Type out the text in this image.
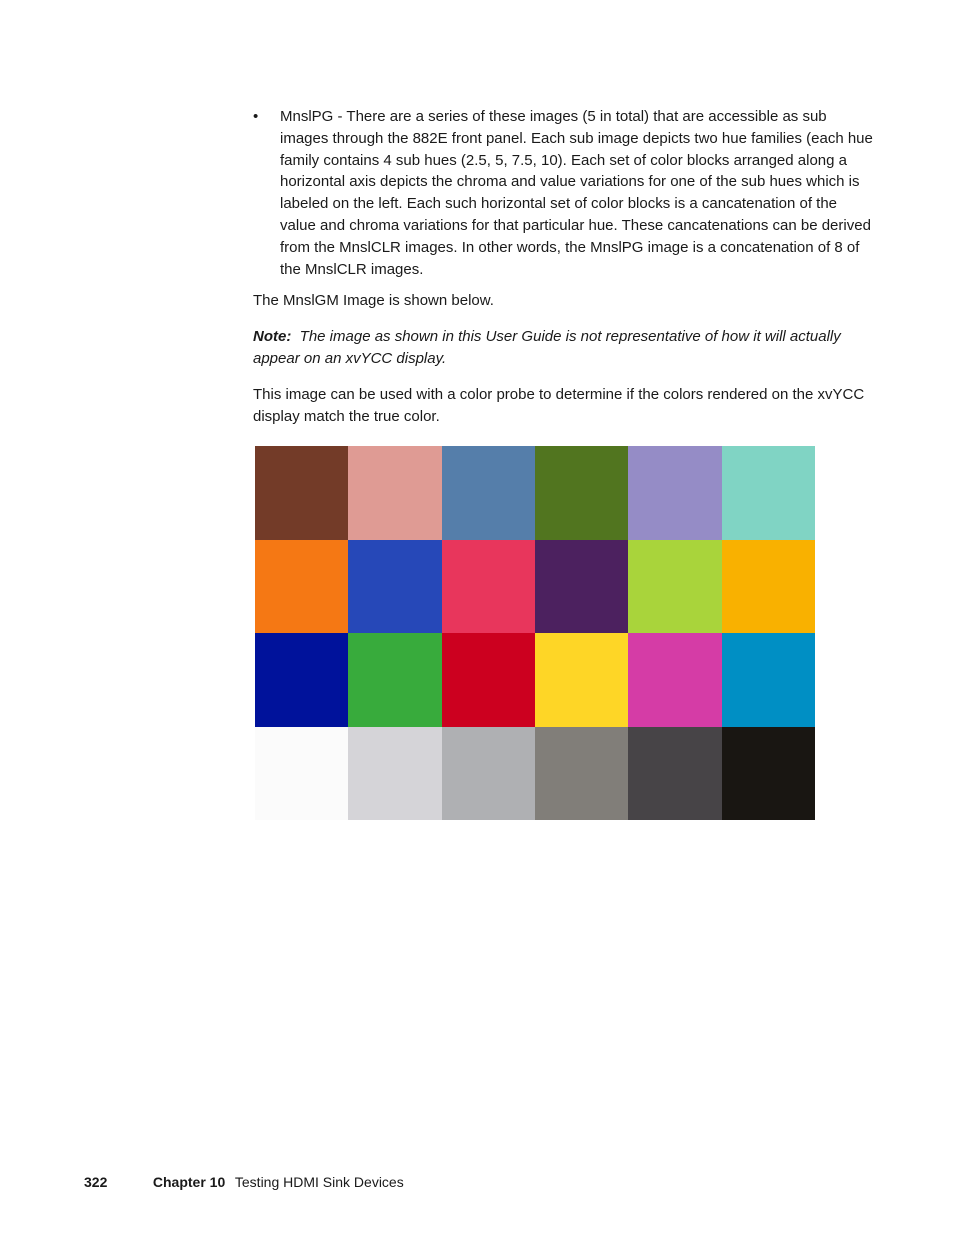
•	MnslPG - There are a series of these images (5 in total) that are accessible as sub images through the 882E front panel. Each sub image depicts two hue families (each hue family contains 4 sub hues (2.5, 5, 7.5, 10). Each set of color blocks arranged along a horizontal axis depicts the chroma and value variations for one of the sub hues which is labeled on the left. Each such horizontal set of color blocks is a cancatenation of the value and chroma variations for that particular hue. These cancatenations can be derived from the MnslCLR images. In other words, the MnslPG image is a concatenation of 8 of the MnslCLR images.

The MnslGM Image is shown below.

Note: The image as shown in this User Guide is not representative of how it will actually appear on an xvYCC display.

This image can be used with a color probe to determine if the colors rendered on the xvYCC display match the true color.

322	Chapter 10 Testing HDMI Sink Devices
